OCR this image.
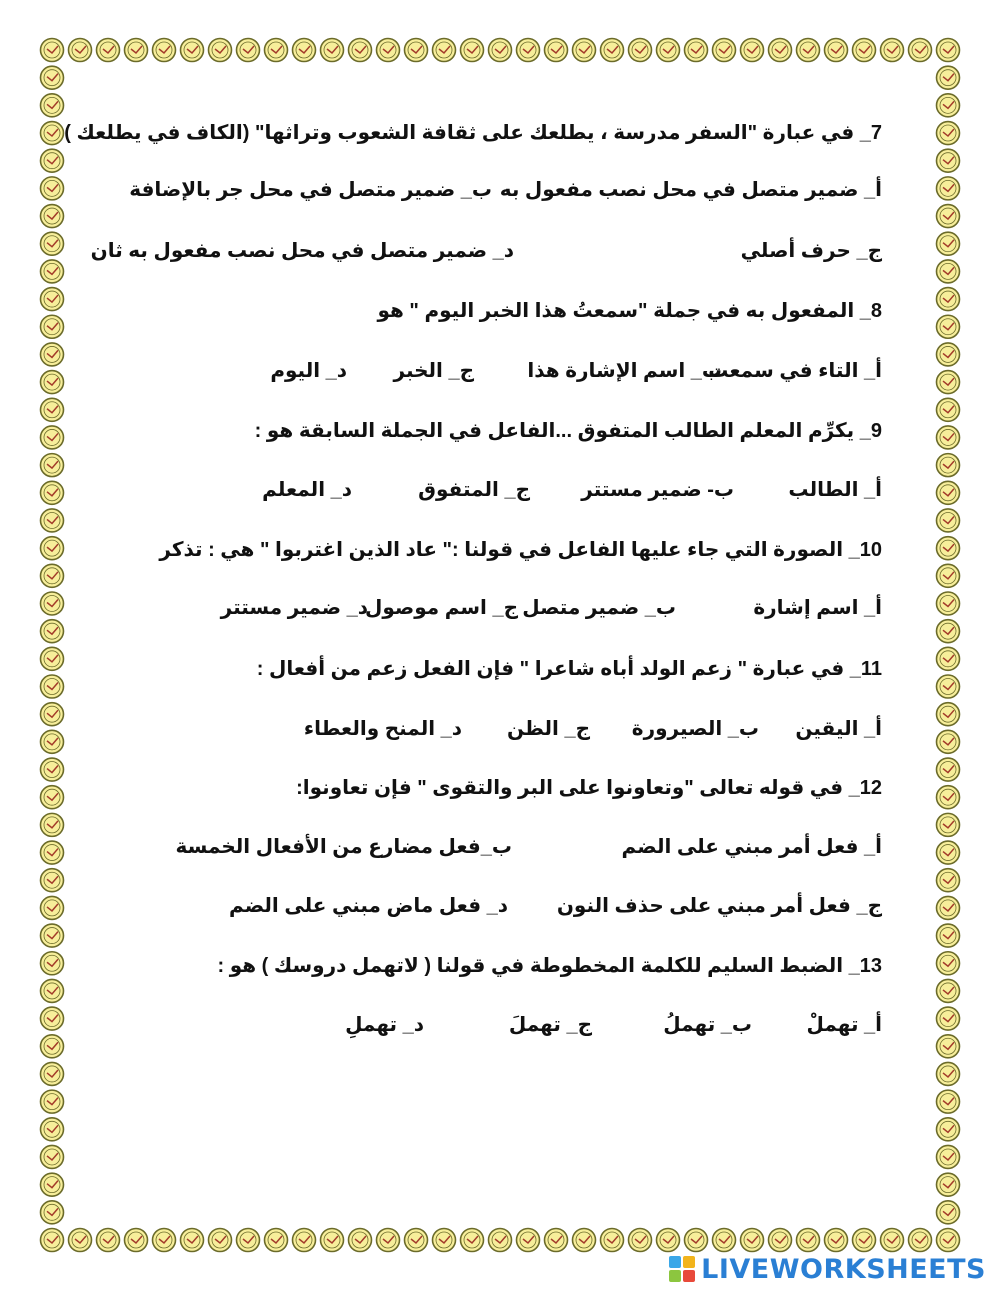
7_ في عبارة "السفر مدرسة ، يطلعك على ثقافة الشعوب وتراثها" (الكاف في يطلعك )
أ_ ضمير متصل في محل نصب مفعول به
ب_ ضمير متصل في محل جر بالإضافة
ج_ حرف أصلي
د_ ضمير متصل في محل نصب مفعول به ثان
8_ المفعول به في جملة "سمعتُ هذا الخبر اليوم " هو
أ_ التاء في سمعت
ب_ اسم الإشارة هذا
ج_ الخبر
د_ اليوم
9_ يكرِّم المعلم الطالب المتفوق ...الفاعل في الجملة السابقة هو :
أ_ الطالب
ب- ضمير مستتر
ج_ المتفوق
د_ المعلم
10_ الصورة التي جاء عليها الفاعل في قولنا :" عاد الذين اغتربوا " هي : تذكر
أ_ اسم إشارة
ب_ ضمير متصل
ج_ اسم موصول
د_ ضمير مستتر
11_ في عبارة " زعم الولد أباه شاعرا " فإن الفعل زعم من أفعال :
أ_ اليقين
ب_ الصيرورة
ج_ الظن
د_ المنح والعطاء
12_ في قوله تعالى "وتعاونوا على البر والتقوى " فإن تعاونوا:
أ_ فعل أمر مبني على الضم
ب_فعل مضارع من الأفعال الخمسة
ج_ فعل أمر مبني على حذف النون
د_ فعل ماض مبني على الضم
13_ الضبط السليم للكلمة المخطوطة في قولنا ( لاتهمل دروسك ) هو :
أ_ تهملْ
ب_ تهملُ
ج_ تهملَ
د_ تهملِ
LIVEWORKSHEETS
